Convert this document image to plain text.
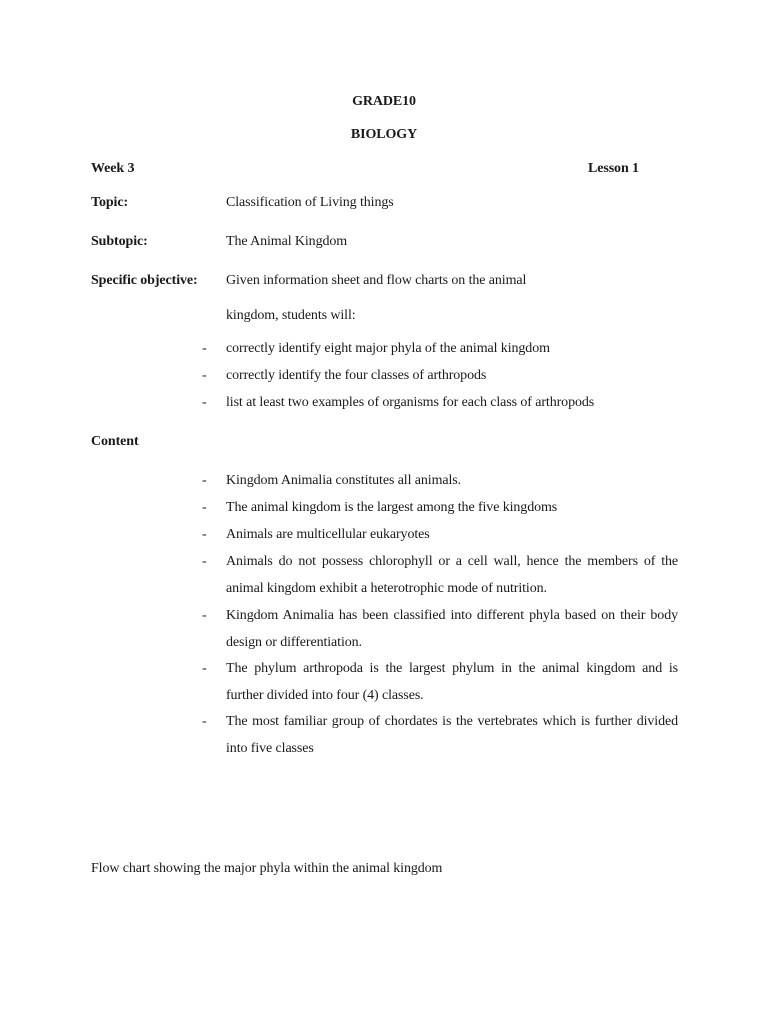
GRADE10
BIOLOGY
Week 3	Lesson 1
Topic:	Classification of Living things
Subtopic:	The Animal Kingdom
Specific objective: Given information sheet and flow charts on the animal
kingdom, students will:
- correctly identify eight major phyla of the animal kingdom
- correctly identify the four classes of arthropods
- list at least two examples of organisms for each class of arthropods
Content
- Kingdom Animalia constitutes all animals.
- The animal kingdom is the largest among the five kingdoms
- Animals are multicellular eukaryotes
- Animals do not possess chlorophyll or a cell wall, hence the members of the animal kingdom exhibit a heterotrophic mode of nutrition.
- Kingdom Animalia has been classified into different phyla based on their body design or differentiation.
- The phylum arthropoda is the largest phylum in the animal kingdom and is further divided into four (4) classes.
- The most familiar group of chordates is the vertebrates which is further divided into five classes
Flow chart showing the major phyla within the animal kingdom
